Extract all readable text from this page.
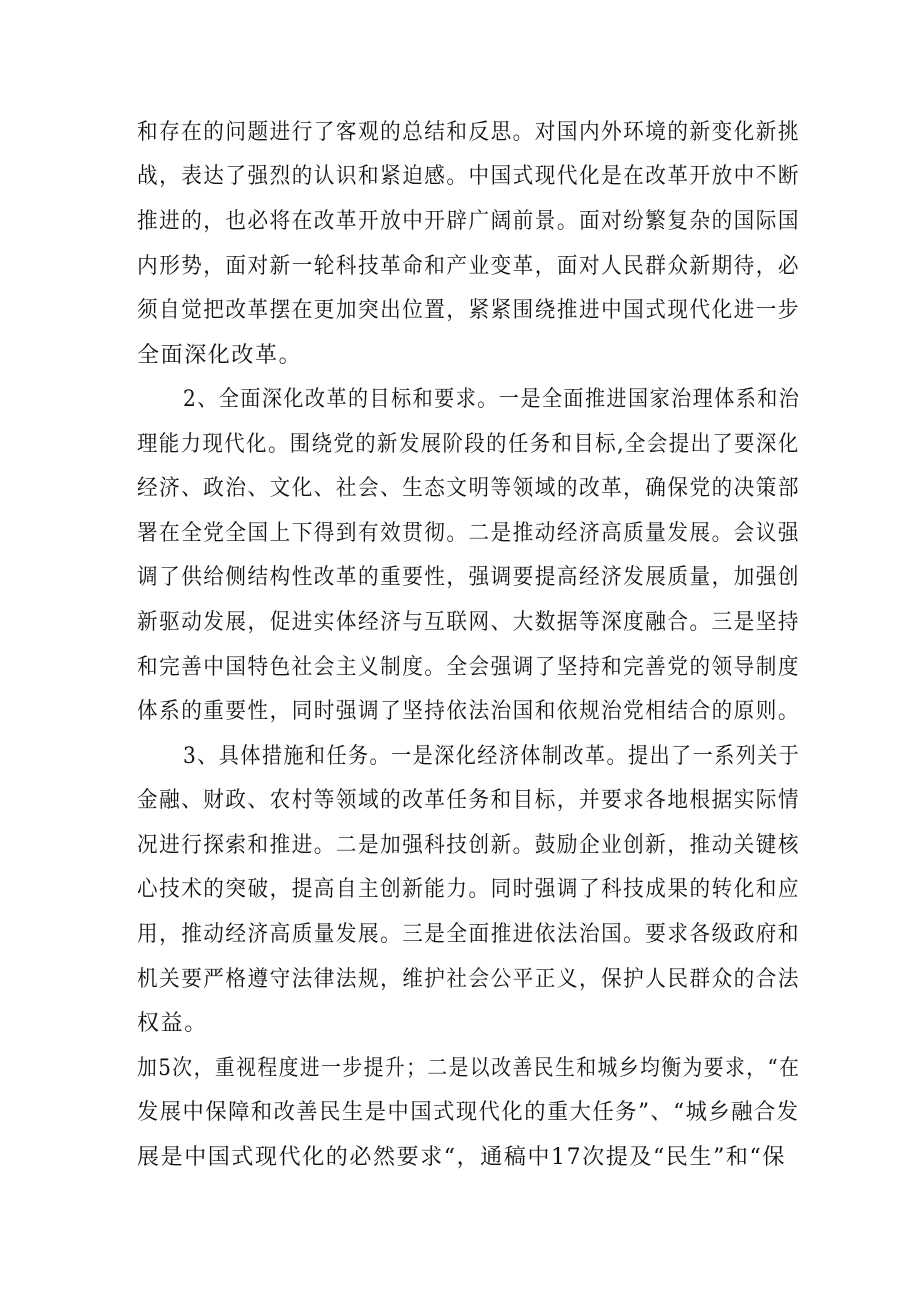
和存在的问题进行了客观的总结和反思。对国内外环境的新变化新挑
战，表达了强烈的认识和紧迫感。中国式现代化是在改革开放中不断
推进的，也必将在改革开放中开辟广阔前景。面对纷繁复杂的国际国
内形势，面对新一轮科技革命和产业变革，面对人民群众新期待，必
须自觉把改革摆在更加突出位置，紧紧围绕推进中国式现代化进一步
全面深化改革。
2、全面深化改革的目标和要求。一是全面推进国家治理体系和治
理能力现代化。围绕党的新发展阶段的任务和目标,全会提出了要深化
经济、政治、文化、社会、生态文明等领域的改革，确保党的决策部
署在全党全国上下得到有效贯彻。二是推动经济高质量发展。会议强
调了供给侧结构性改革的重要性，强调要提高经济发展质量，加强创
新驱动发展，促进实体经济与互联网、大数据等深度融合。三是坚持
和完善中国特色社会主义制度。全会强调了坚持和完善党的领导制度
体系的重要性，同时强调了坚持依法治国和依规治党相结合的原则。
3、具体措施和任务。一是深化经济体制改革。提出了一系列关于
金融、财政、农村等领域的改革任务和目标，并要求各地根据实际情
况进行探索和推进。二是加强科技创新。鼓励企业创新，推动关键核
心技术的突破，提高自主创新能力。同时强调了科技成果的转化和应
用，推动经济高质量发展。三是全面推进依法治国。要求各级政府和
机关要严格遵守法律法规，维护社会公平正义，保护人民群众的合法
权益。
加5次，重视程度进一步提升；二是以改善民生和城乡均衡为要求，“在
发展中保障和改善民生是中国式现代化的重大任务”、“城乡融合发
展是中国式现代化的必然要求“，通稿中17次提及“民生”和“保
